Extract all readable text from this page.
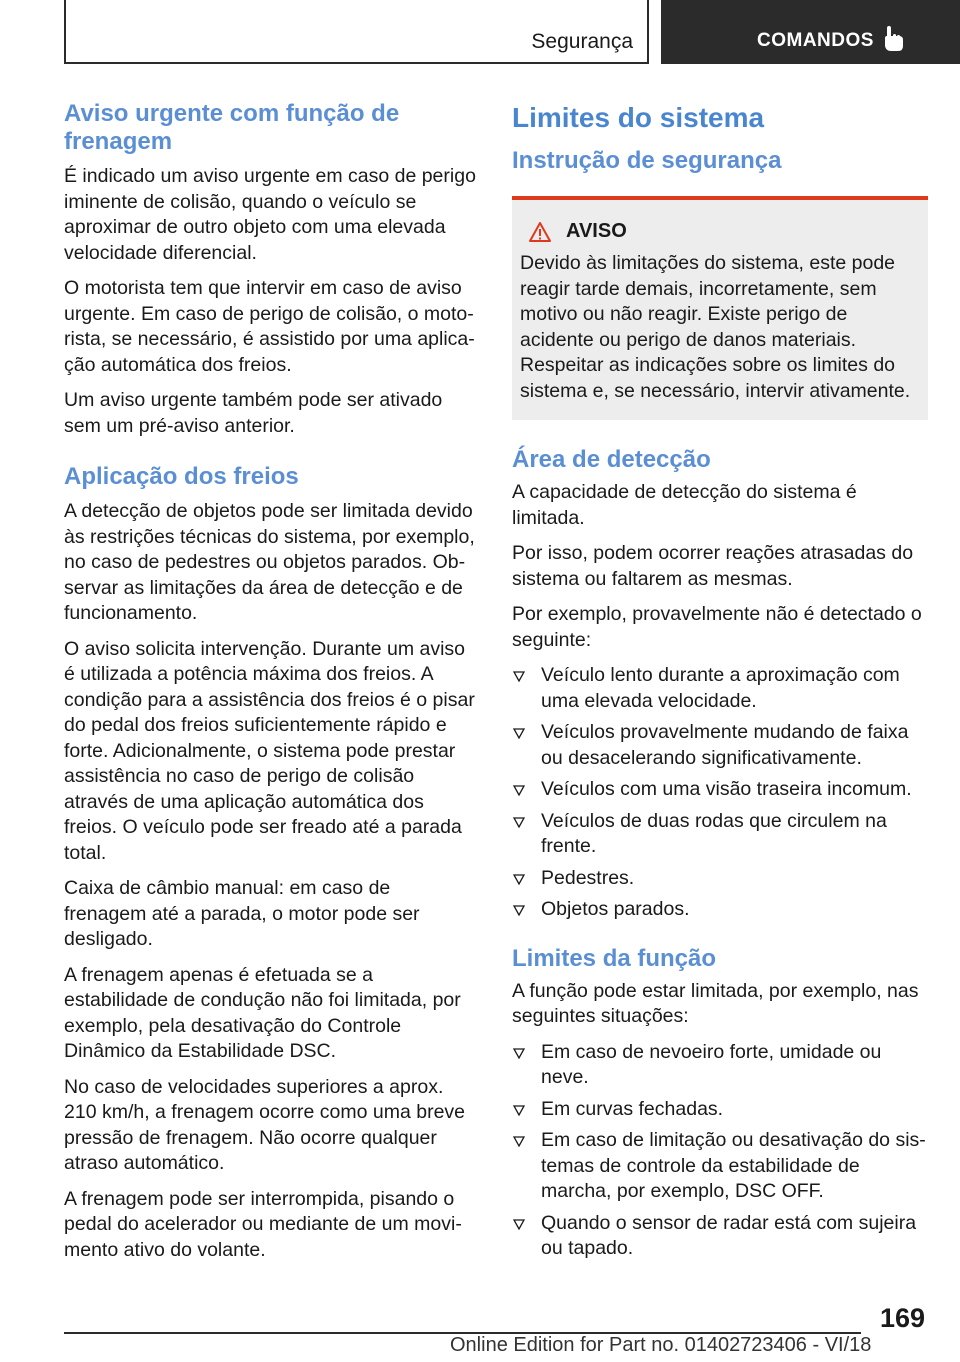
Segurança	COMANDOS
Aviso urgente com função de frenagem

É indicado um aviso urgente em caso de perigo iminente de colisão, quando o veículo se aproximar de outro objeto com uma elevada velocidade diferencial.

O motorista tem que intervir em caso de aviso urgente. Em caso de perigo de colisão, o motorista, se necessário, é assistido por uma aplicação automática dos freios.

Um aviso urgente também pode ser ativado sem um pré-aviso anterior.

Aplicação dos freios

A detecção de objetos pode ser limitada devido às restrições técnicas do sistema, por exemplo, no caso de pedestres ou objetos parados. Observar as limitações da área de detecção e de funcionamento.

O aviso solicita intervenção. Durante um aviso é utilizada a potência máxima dos freios. A condição para a assistência dos freios é o pisar do pedal dos freios suficientemente rápido e forte. Adicionalmente, o sistema pode prestar assistência no caso de perigo de colisão através de uma aplicação automática dos freios. O veículo pode ser freado até a parada total.

Caixa de câmbio manual: em caso de frenagem até a parada, o motor pode ser desligado.

A frenagem apenas é efetuada se a estabilidade de condução não foi limitada, por exemplo, pela desativação do Controle Dinâmico da Estabilidade DSC.

No caso de velocidades superiores a aprox. 210 km/h, a frenagem ocorre como uma breve pressão de frenagem. Não ocorre qualquer atraso automático.

A frenagem pode ser interrompida, pisando o pedal do acelerador ou mediante de um movimento ativo do volante.

Limites do sistema
Instrução de segurança
AVISO

Devido às limitações do sistema, este pode reagir tarde demais, incorretamente, sem motivo ou não reagir. Existe perigo de acidente ou perigo de danos materiais. Respeitar as indicações sobre os limites do sistema e, se necessário, intervir ativamente.

Área de detecção

A capacidade de detecção do sistema é limitada.

Por isso, podem ocorrer reações atrasadas do sistema ou faltarem as mesmas.

Por exemplo, provavelmente não é detectado o seguinte:

Veículo lento durante a aproximação com uma elevada velocidade.
Veículos provavelmente mudando de faixa ou desacelerando significativamente.
Veículos com uma visão traseira incomum.
Veículos de duas rodas que circulem na frente.
Pedestres.
Objetos parados.
Limites da função

A função pode estar limitada, por exemplo, nas seguintes situações:

Em caso de nevoeiro forte, umidade ou neve.
Em curvas fechadas.
Em caso de limitação ou desativação do sistemas de controle da estabilidade de marcha, por exemplo, DSC OFF.
Quando o sensor de radar está com sujeira ou tapado.
169
Online Edition for Part no. 01402723406 - VI/18
